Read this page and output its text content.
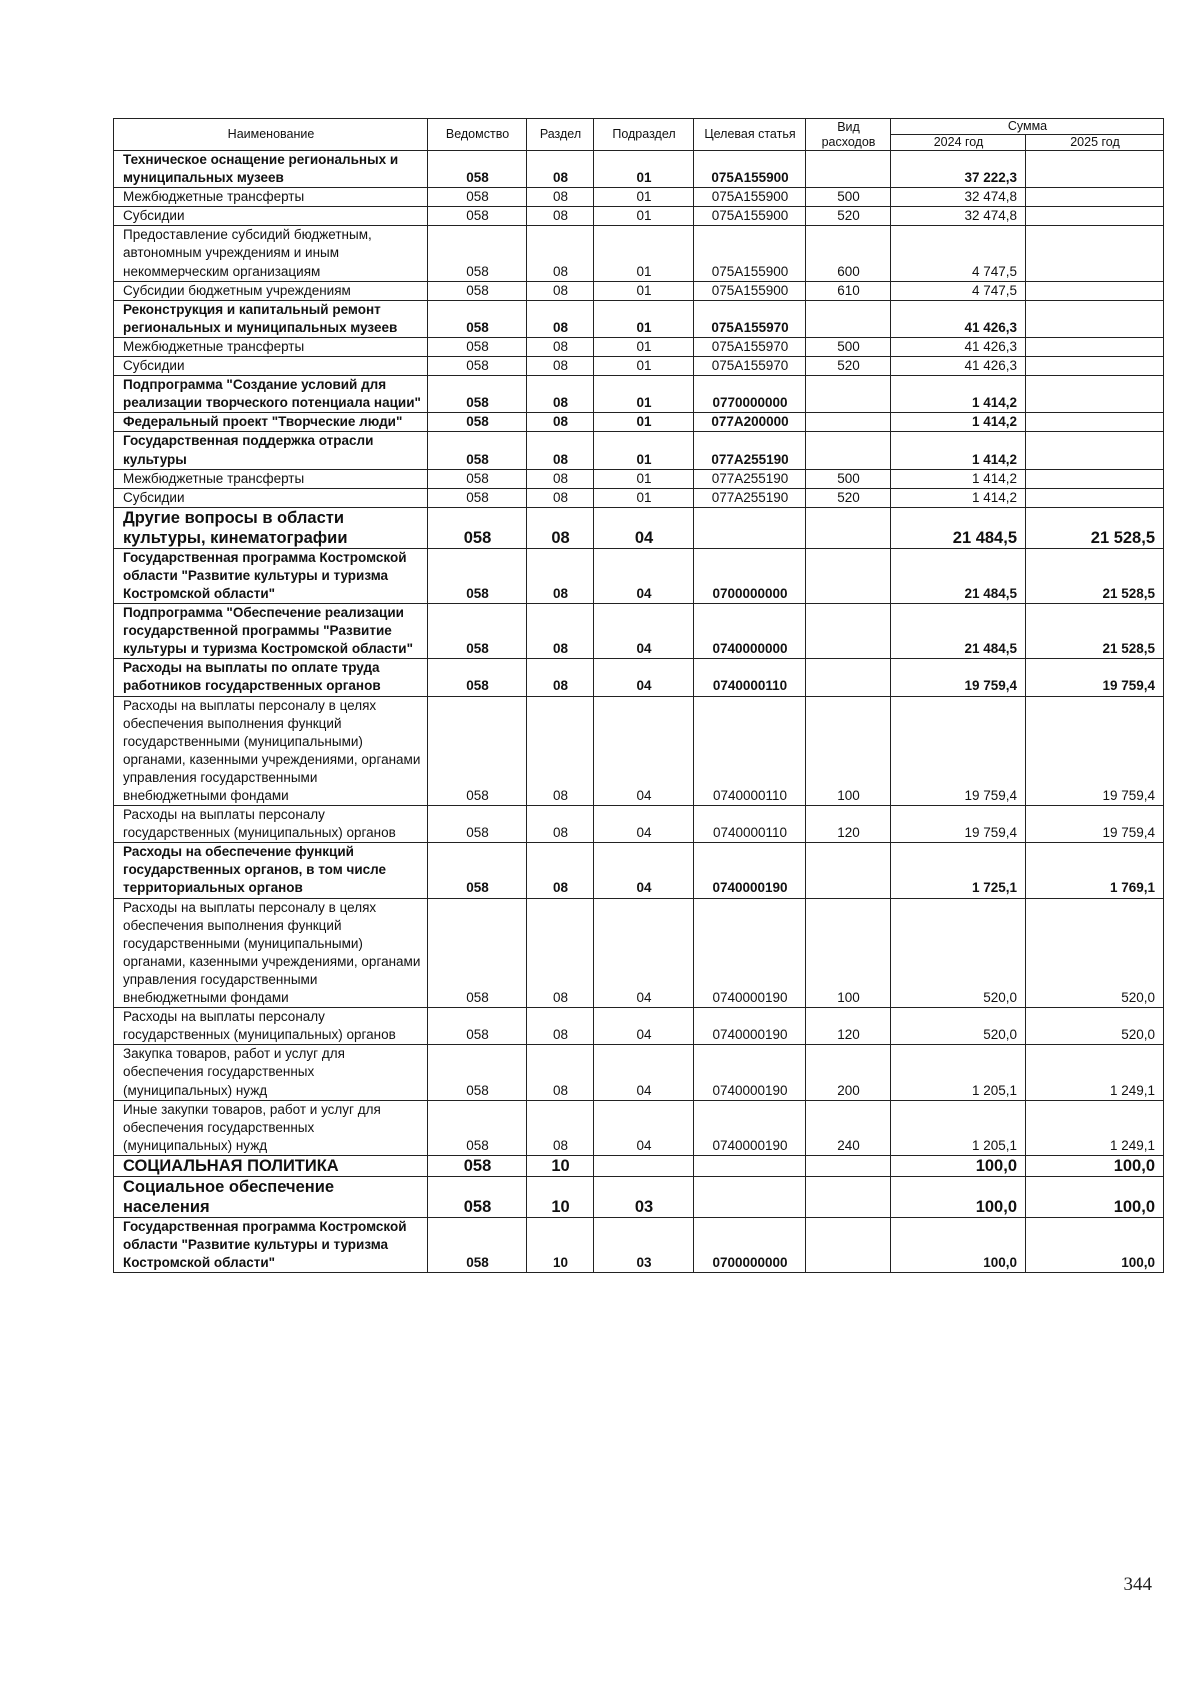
Наименование	Ведомство	Раздел	Подраздел	Целевая статья	Вид расходов	Сумма	
						2024 год	2025 год
Техническое оснащение региональных и муниципальных музеев	058	08	01	075A155900		37 222,3	
Межбюджетные трансферты	058	08	01	075A155900	500	32 474,8	
Субсидии	058	08	01	075A155900	520	32 474,8	
Предоставление субсидий бюджетным, автономным учреждениям и иным некоммерческим организациям	058	08	01	075A155900	600	4 747,5	
Субсидии бюджетным учреждениям	058	08	01	075A155900	610	4 747,5	
Реконструкция и капитальный ремонт региональных и муниципальных музеев	058	08	01	075A155970		41 426,3	
Межбюджетные трансферты	058	08	01	075A155970	500	41 426,3	
Субсидии	058	08	01	075A155970	520	41 426,3	
Подпрограмма "Создание условий для реализации творческого потенциала нации"	058	08	01	0770000000		1 414,2	
Федеральный проект "Творческие люди"	058	08	01	077A200000		1 414,2	
Государственная поддержка отрасли культуры	058	08	01	077A255190		1 414,2	
Межбюджетные трансферты	058	08	01	077A255190	500	1 414,2	
Субсидии	058	08	01	077A255190	520	1 414,2	
Другие вопросы в области культуры, кинематографии	058	08	04			21 484,5	21 528,5
Государственная программа Костромской области "Развитие культуры и туризма Костромской области"	058	08	04	0700000000		21 484,5	21 528,5
Подпрограмма "Обеспечение реализации государственной программы "Развитие культуры и туризма Костромской области"	058	08	04	0740000000		21 484,5	21 528,5
Расходы на выплаты по оплате труда работников государственных органов	058	08	04	0740000110		19 759,4	19 759,4
Расходы на выплаты персоналу в целях обеспечения выполнения функций государственными (муниципальными) органами, казенными учреждениями, органами управления государственными внебюджетными фондами	058	08	04	0740000110	100	19 759,4	19 759,4
Расходы на выплаты персоналу государственных (муниципальных) органов	058	08	04	0740000110	120	19 759,4	19 759,4
Расходы на обеспечение функций государственных органов, в том числе территориальных органов	058	08	04	0740000190		1 725,1	1 769,1
Расходы на выплаты персоналу в целях обеспечения выполнения функций государственными (муниципальными) органами, казенными учреждениями, органами управления государственными внебюджетными фондами	058	08	04	0740000190	100	520,0	520,0
Расходы на выплаты персоналу государственных (муниципальных) органов	058	08	04	0740000190	120	520,0	520,0
Закупка товаров, работ и услуг для обеспечения государственных (муниципальных) нужд	058	08	04	0740000190	200	1 205,1	1 249,1
Иные закупки товаров, работ и услуг для обеспечения государственных (муниципальных) нужд	058	08	04	0740000190	240	1 205,1	1 249,1
СОЦИАЛЬНАЯ ПОЛИТИКА	058	10				100,0	100,0
Социальное обеспечение населения	058	10	03			100,0	100,0
Государственная программа Костромской области "Развитие культуры и туризма Костромской области"	058	10	03	0700000000		100,0	100,0
344
